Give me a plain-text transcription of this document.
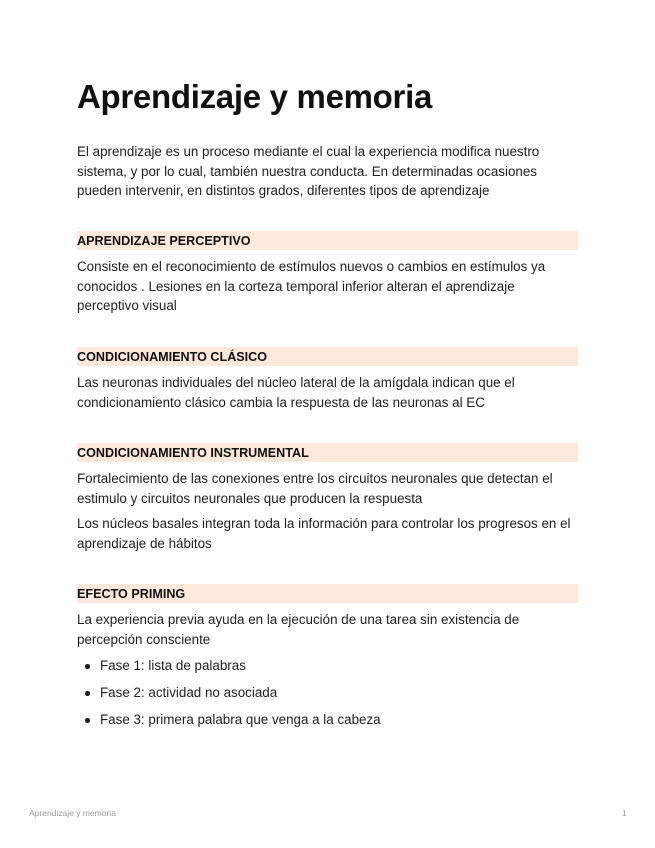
Aprendizaje y memoria

El aprendizaje es un proceso mediante el cual la experiencia modifica nuestro sistema, y por lo cual, también nuestra conducta. En determinadas ocasiones pueden intervenir, en distintos grados, diferentes tipos de aprendizaje

APRENDIZAJE PERCEPTIVO

Consiste en el reconocimiento de estímulos nuevos o cambios en estímulos ya conocidos . Lesiones en la corteza temporal inferior alteran el aprendizaje perceptivo visual

CONDICIONAMIENTO CLÁSICO

Las neuronas individuales del núcleo lateral de la amígdala indican que el condicionamiento clásico cambia la respuesta de las neuronas al EC

CONDICIONAMIENTO INSTRUMENTAL

Fortalecimiento de las conexiones entre los circuitos neuronales que detectan el estimulo y circuitos neuronales que producen la respuesta

Los núcleos basales integran toda la información para controlar los progresos en el aprendizaje de hábitos

EFECTO PRIMING

La experiencia previa ayuda en la ejecución de una tarea sin existencia de percepción consciente

Fase 1: lista de palabras
Fase 2: actividad no asociada
Fase 3: primera palabra que venga a la cabeza
Aprendizaje y memoria	1
